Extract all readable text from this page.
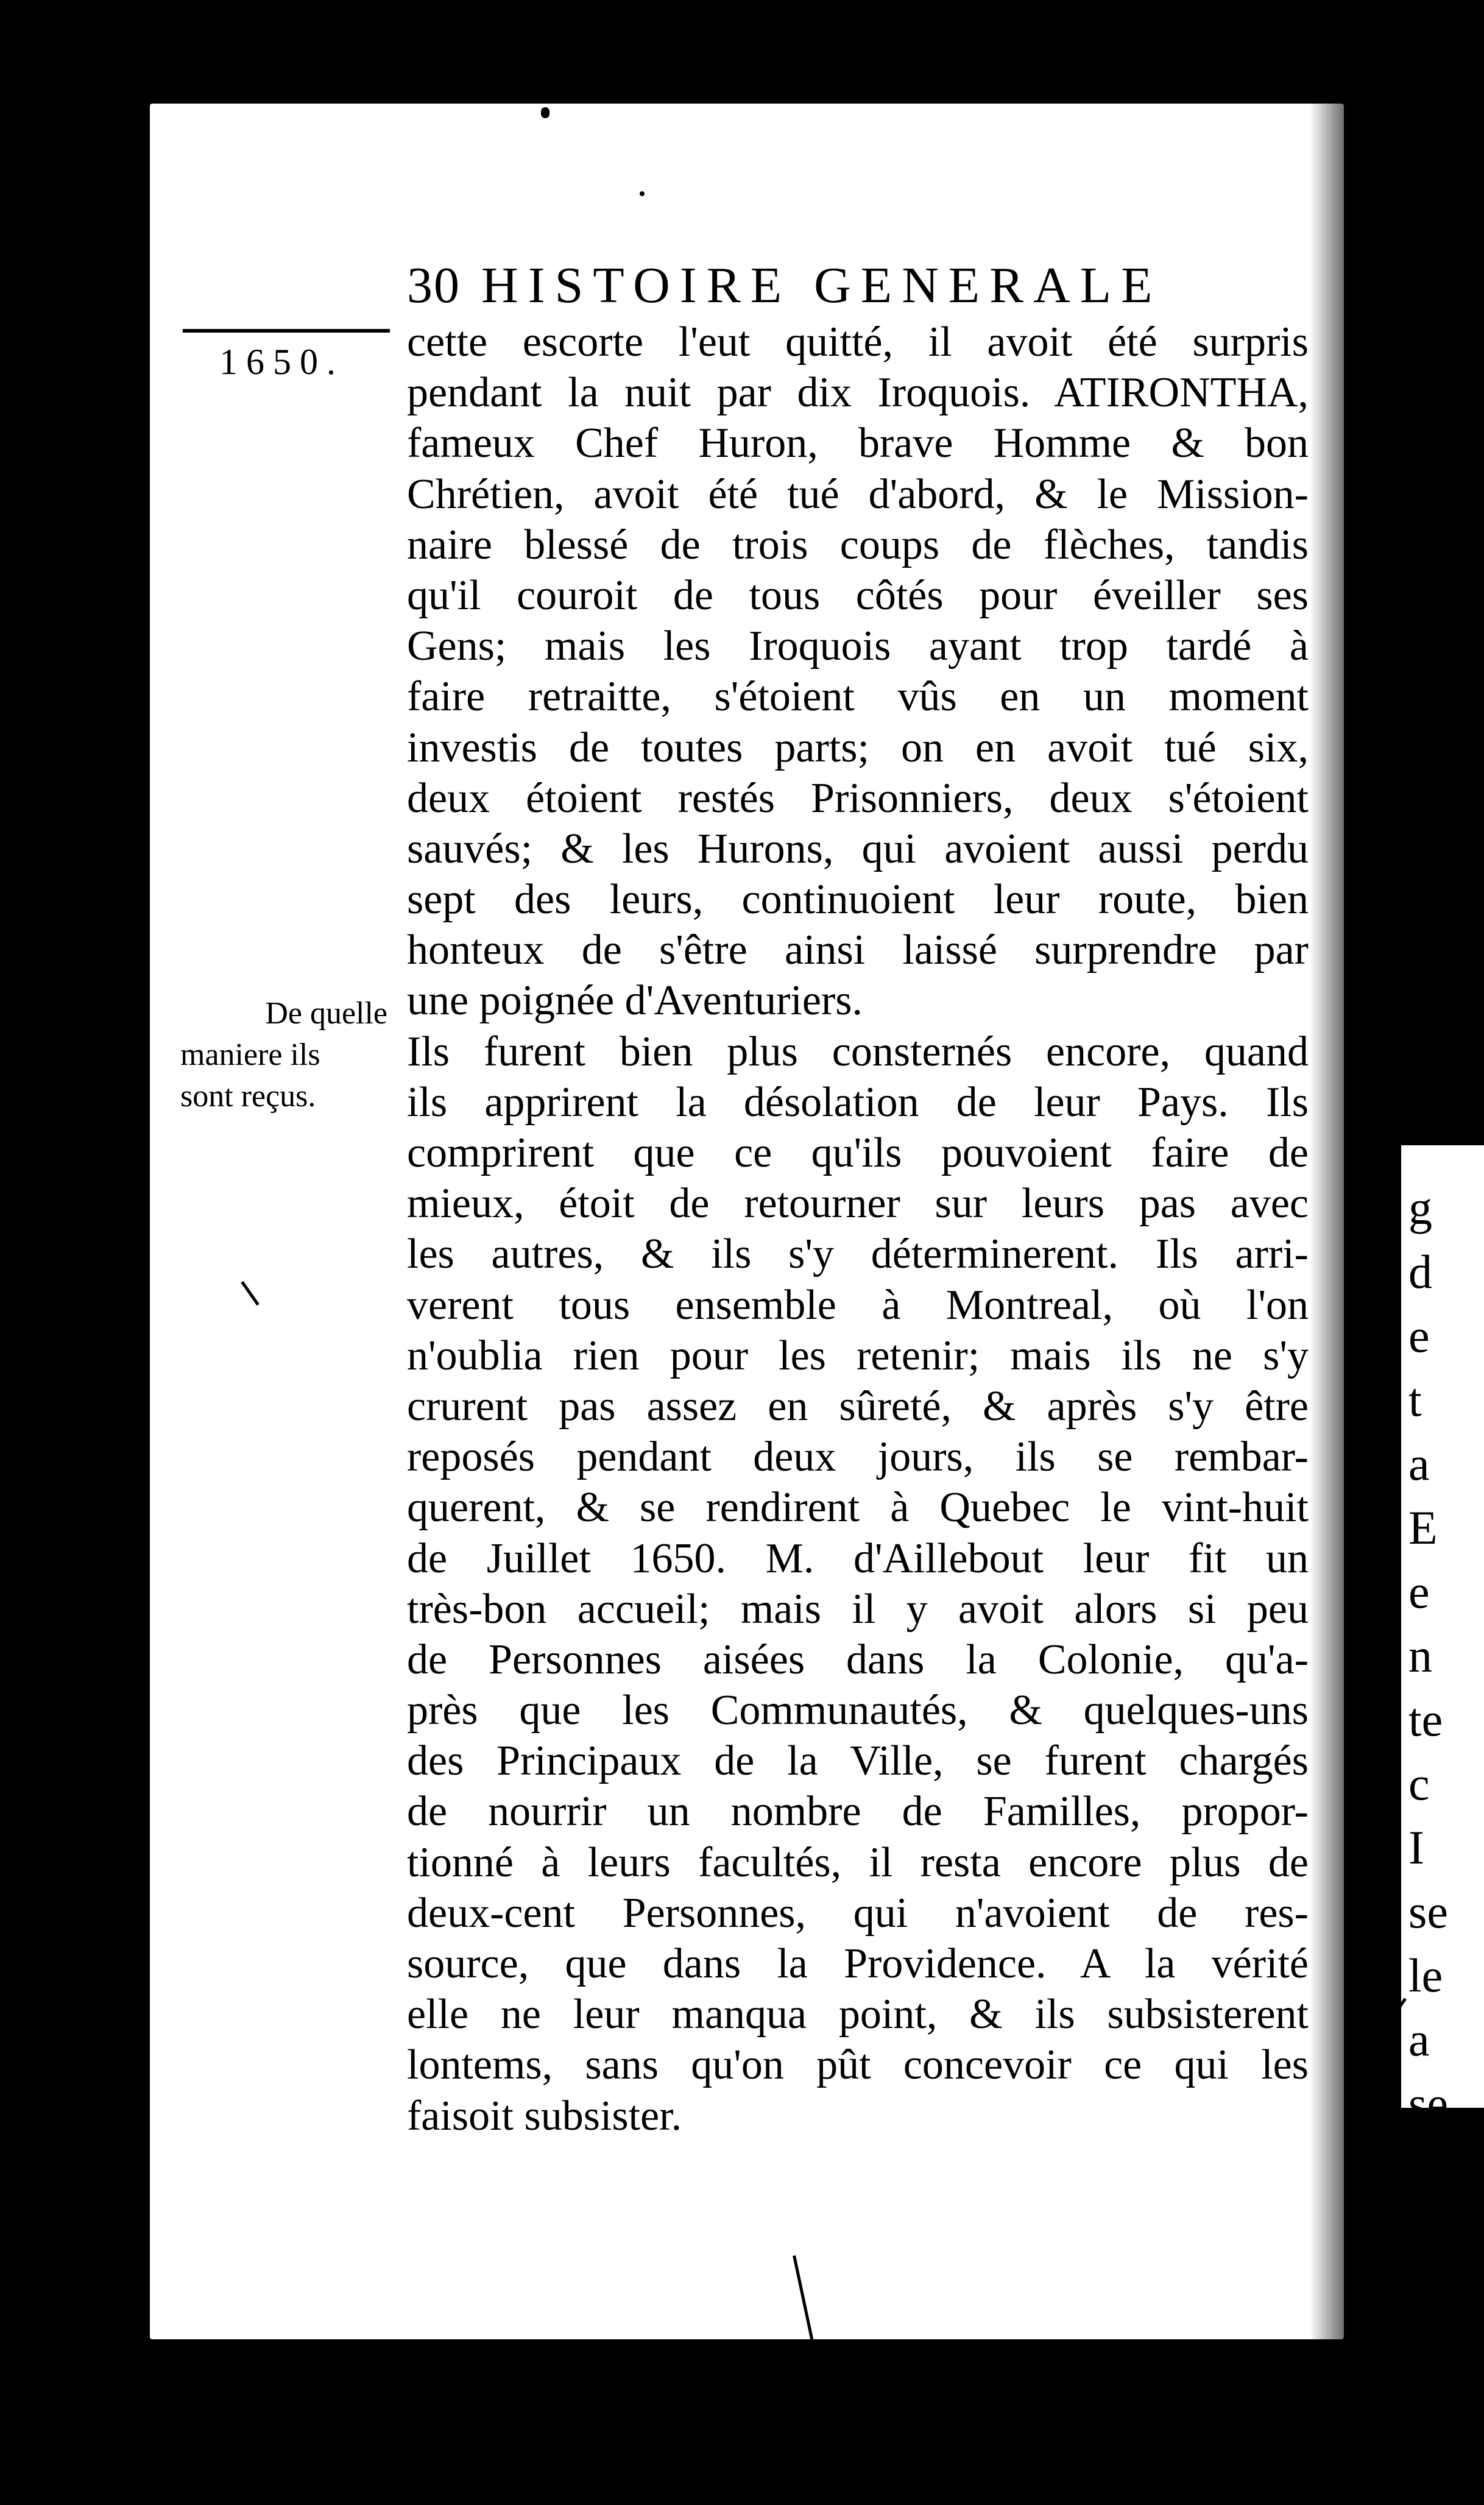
g
d
e
t
a
E
e
n
te
c
I
se
le
a
se
q
P
30 HISTOIRE GENERALE
1650.
De quelle
maniere ils
sont reçus.
cette escorte l'eut quitté, il avoit été surpris
pendant la nuit par dix Iroquois. ATIRONTHA,
fameux Chef Huron, brave Homme & bon
Chrétien, avoit été tué d'abord, & le Mission-
naire blessé de trois coups de flèches, tandis
qu'il couroit de tous côtés pour éveiller ses
Gens; mais les Iroquois ayant trop tardé à
faire retraitte, s'étoient vûs en un moment
investis de toutes parts; on en avoit tué six,
deux étoient restés Prisonniers, deux s'étoient
sauvés; & les Hurons, qui avoient aussi perdu
sept des leurs, continuoient leur route, bien
honteux de s'être ainsi laissé surprendre par
une poignée d'Aventuriers.
Ils furent bien plus consternés encore, quand
ils apprirent la désolation de leur Pays. Ils
comprirent que ce qu'ils pouvoient faire de
mieux, étoit de retourner sur leurs pas avec
les autres, & ils s'y déterminerent. Ils arri-
verent tous ensemble à Montreal, où l'on
n'oublia rien pour les retenir; mais ils ne s'y
crurent pas assez en sûreté, & après s'y être
reposés pendant deux jours, ils se rembar-
querent, & se rendirent à Quebec le vint-huit
de Juillet 1650. M. d'Aillebout leur fit un
très-bon accueil; mais il y avoit alors si peu
de Personnes aisées dans la Colonie, qu'a-
près que les Communautés, & quelques-uns
des Principaux de la Ville, se furent chargés
de nourrir un nombre de Familles, propor-
tionné à leurs facultés, il resta encore plus de
deux-cent Personnes, qui n'avoient de res-
source, que dans la Providence. A la vérité
elle ne leur manqua point, & ils subsisterent
lontems, sans qu'on pût concevoir ce qui les
faisoit subsister.
